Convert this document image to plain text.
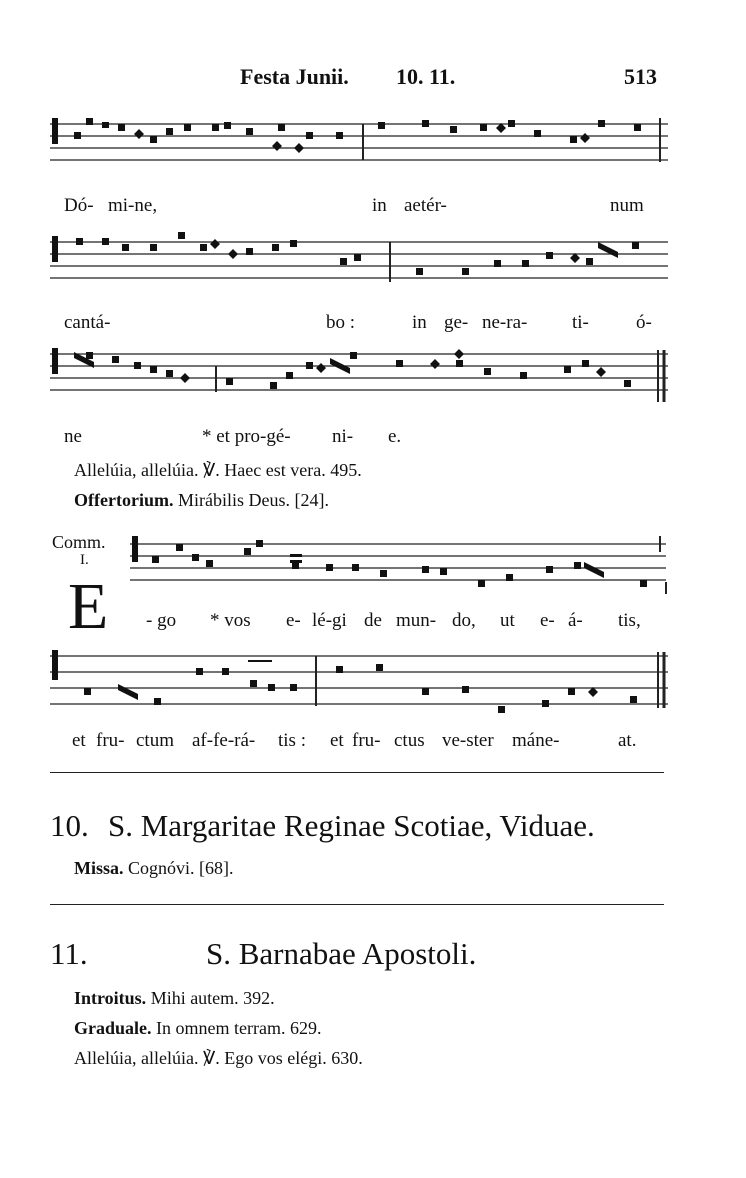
Festa Junii. 10. 11.	513
Dó- mi-ne,	in aetér-	num
cantá-	bo :	in ge- ne-ra- ti- ó-
ne	* et pro-gé- ni- e.
Allelúia, allelúia. ℣. Haec est vera. 495.
Offertorium. Mirábilis Deus. [24].
Comm.
I.
E - go * vos e- lé-gi de mun- do, ut e- á- tis,
et fru- ctum af-fe-rá- tis : et fru- ctus ve-ster máne-	at.
10. S. Margaritae Reginae Scotiae, Viduae.
Missa. Cognóvi. [68].
11.	S. Barnabae Apostoli.
Introitus. Mihi autem. 392.
Graduale. In omnem terram. 629.
Allelúia, allelúia. ℣. Ego vos elégi. 630.
